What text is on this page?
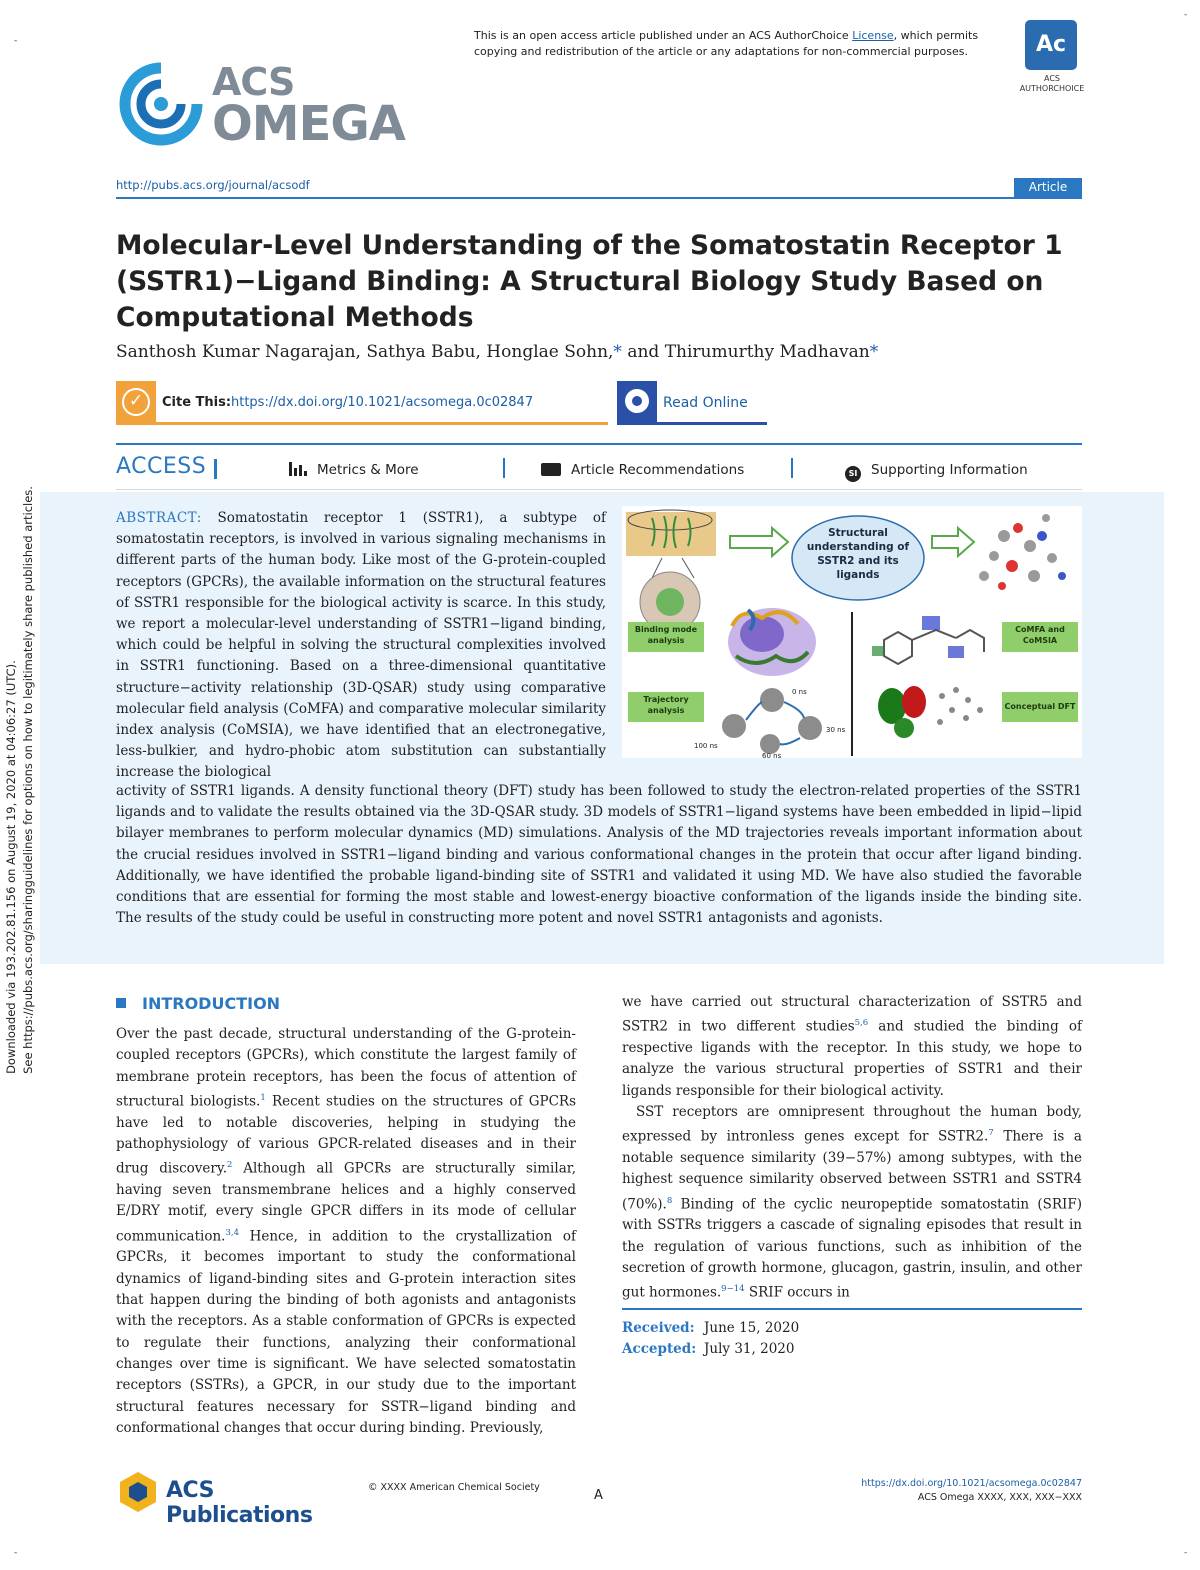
-
-
-	-
Downloaded via 193.202.81.156 on August 19, 2020 at 04:06:27 (UTC). See https://pubs.acs.org/sharingguidelines for options on how to legitimately share published articles.
ACS
OMEGA
This is an open access article published under an ACS AuthorChoice License, which permits copying and redistribution of the article or any adaptations for non-commercial purposes.	Ac
ACS AUTHORCHOICE
http://pubs.acs.org/journal/acsodf	Article
Molecular-Level Understanding of the Somatostatin Receptor 1 (SSTR1)−Ligand Binding: A Structural Biology Study Based on Computational Methods
Santhosh Kumar Nagarajan, Sathya Babu, Honglae Sohn,* and Thirumurthy Madhavan*
✓	Cite This: https://dx.doi.org/10.1021/acsomega.0c02847	Read Online
ACCESS	Metrics & More	Article Recommendations	SI Supporting Information
ABSTRACT: Somatostatin receptor 1 (SSTR1), a subtype of somatostatin receptors, is involved in various signaling mechanisms in different parts of the human body. Like most of the G-protein-coupled receptors (GPCRs), the available information on the structural features of SSTR1 responsible for the biological activity is scarce. In this study, we report a molecular-level understanding of SSTR1−ligand binding, which could be helpful in solving the structural complexities involved in SSTR1 functioning. Based on a three-dimensional quantitative structure−activity relationship (3D-QSAR) study using comparative molecular field analysis (CoMFA) and comparative molecular similarity index analysis (CoMSIA), we have identified that an electronegative, less-bulkier, and hydro-phobic atom substitution can substantially increase the biological
Structural understanding of SSTR2 and its ligands
Binding mode analysis
Trajectory analysis
CoMFA and CoMSIA
Conceptual DFT
0 ns
30 ns
60 ns
100 ns
activity of SSTR1 ligands. A density functional theory (DFT) study has been followed to study the electron-related properties of the SSTR1 ligands and to validate the results obtained via the 3D-QSAR study. 3D models of SSTR1−ligand systems have been embedded in lipid−lipid bilayer membranes to perform molecular dynamics (MD) simulations. Analysis of the MD trajectories reveals important information about the crucial residues involved in SSTR1−ligand binding and various conformational changes in the protein that occur after ligand binding. Additionally, we have identified the probable ligand-binding site of SSTR1 and validated it using MD. We have also studied the favorable conditions that are essential for forming the most stable and lowest-energy bioactive conformation of the ligands inside the binding site. The results of the study could be useful in constructing more potent and novel SSTR1 antagonists and agonists.
INTRODUCTION

Over the past decade, structural understanding of the G-protein-coupled receptors (GPCRs), which constitute the largest family of membrane protein receptors, has been the focus of attention of structural biologists.$^1$ Recent studies on the structures of GPCRs have led to notable discoveries, helping in studying the pathophysiology of various GPCR-related diseases and in their drug discovery.$^2$ Although all GPCRs are structurally similar, having seven transmembrane helices and a highly conserved E/DRY motif, every single GPCR differs in its mode of cellular communication.$^{3,4}$ Hence, in addition to the crystallization of GPCRs, it becomes important to study the conformational dynamics of ligand-binding sites and G-protein interaction sites that happen during the binding of both agonists and antagonists with the receptors. As a stable conformation of GPCRs is expected to regulate their functions, analyzing their conformational changes over time is significant. We have selected somatostatin receptors (SSTRs), a GPCR, in our study due to the important structural features necessary for SSTR−ligand binding and conformational changes that occur during binding. Previously,

we have carried out structural characterization of SSTR5 and SSTR2 in two different studies$^{5,6}$ and studied the binding of respective ligands with the receptor. In this study, we hope to analyze the various structural properties of SSTR1 and their ligands responsible for their biological activity.

SST receptors are omnipresent throughout the human body, expressed by intronless genes except for SSTR2.$^7$ There is a notable sequence similarity (39−57%) among subtypes, with the highest sequence similarity observed between SSTR1 and SSTR4 (70%).$^8$ Binding of the cyclic neuropeptide somatostatin (SRIF) with SSTRs triggers a cascade of signaling episodes that result in the regulation of various functions, such as inhibition of the secretion of growth hormone, glucagon, gastrin, insulin, and other gut hormones.$^{9-14}$ SRIF occurs in

Received: June 15, 2020
Accepted: July 31, 2020
ACS Publications
© XXXX American Chemical Society
A
https://dx.doi.org/10.1021/acsomega.0c02847
ACS Omega XXXX, XXX, XXX−XXX
